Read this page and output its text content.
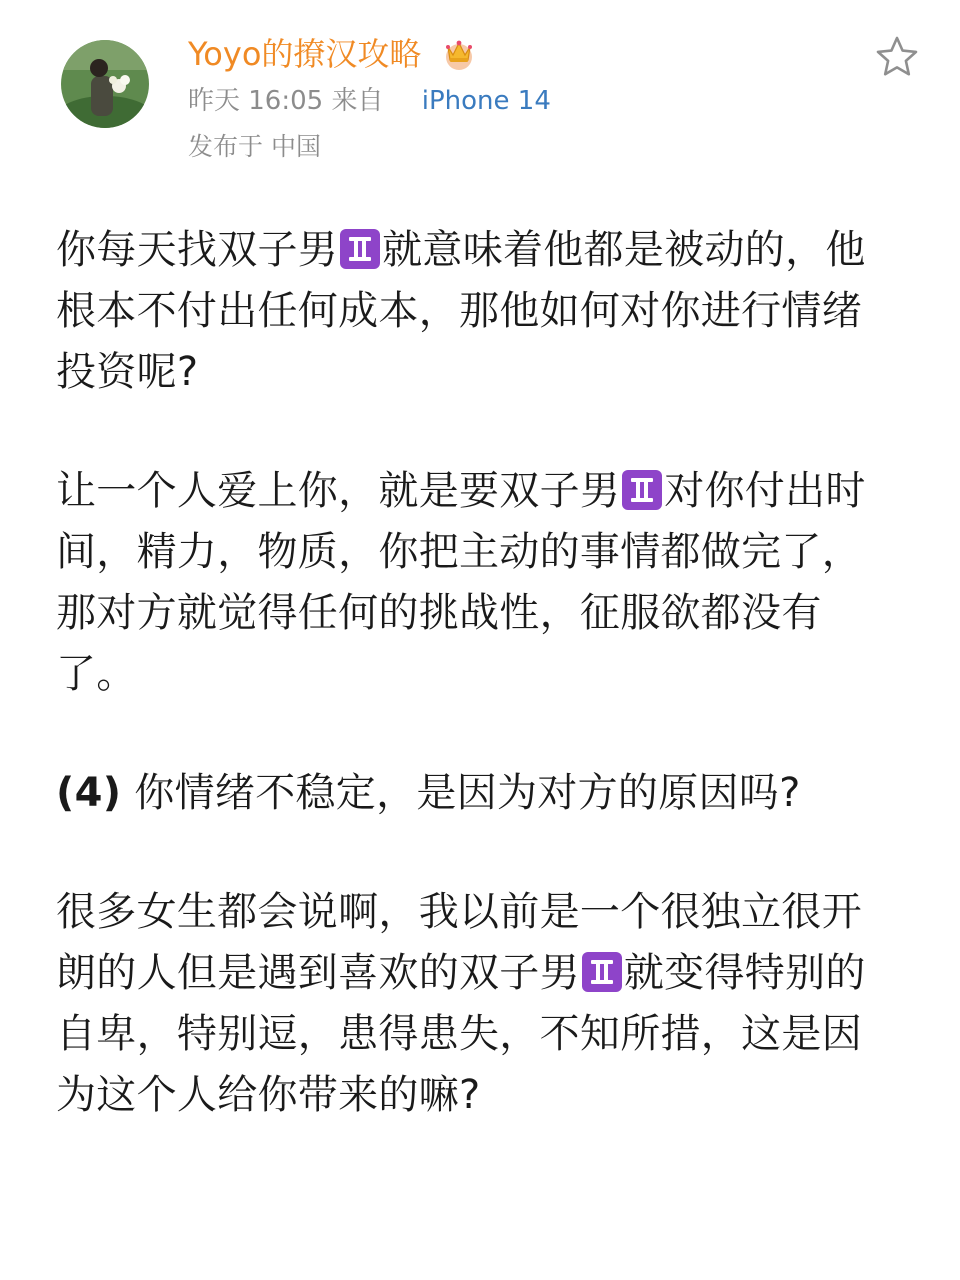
Yoyo的撩汉攻略
昨天 16:05 来自 iPhone 14
发布于 中国

你每天找双子男 就意味着他都是被动的，他根本不付出任何成本，那他如何对你进行情绪投资呢?

让一个人爱上你，就是要双子男 对你付出时间，精力，物质，你把主动的事情都做完了，那对方就觉得任何的挑战性，征服欲都没有了。

(4) 你情绪不稳定，是因为对方的原因吗?

很多女生都会说啊，我以前是一个很独立很开朗的人但是遇到喜欢的双子男 就变得特别的自卑，特别逗，患得患失，不知所措，这是因为这个人给你带来的嘛?
